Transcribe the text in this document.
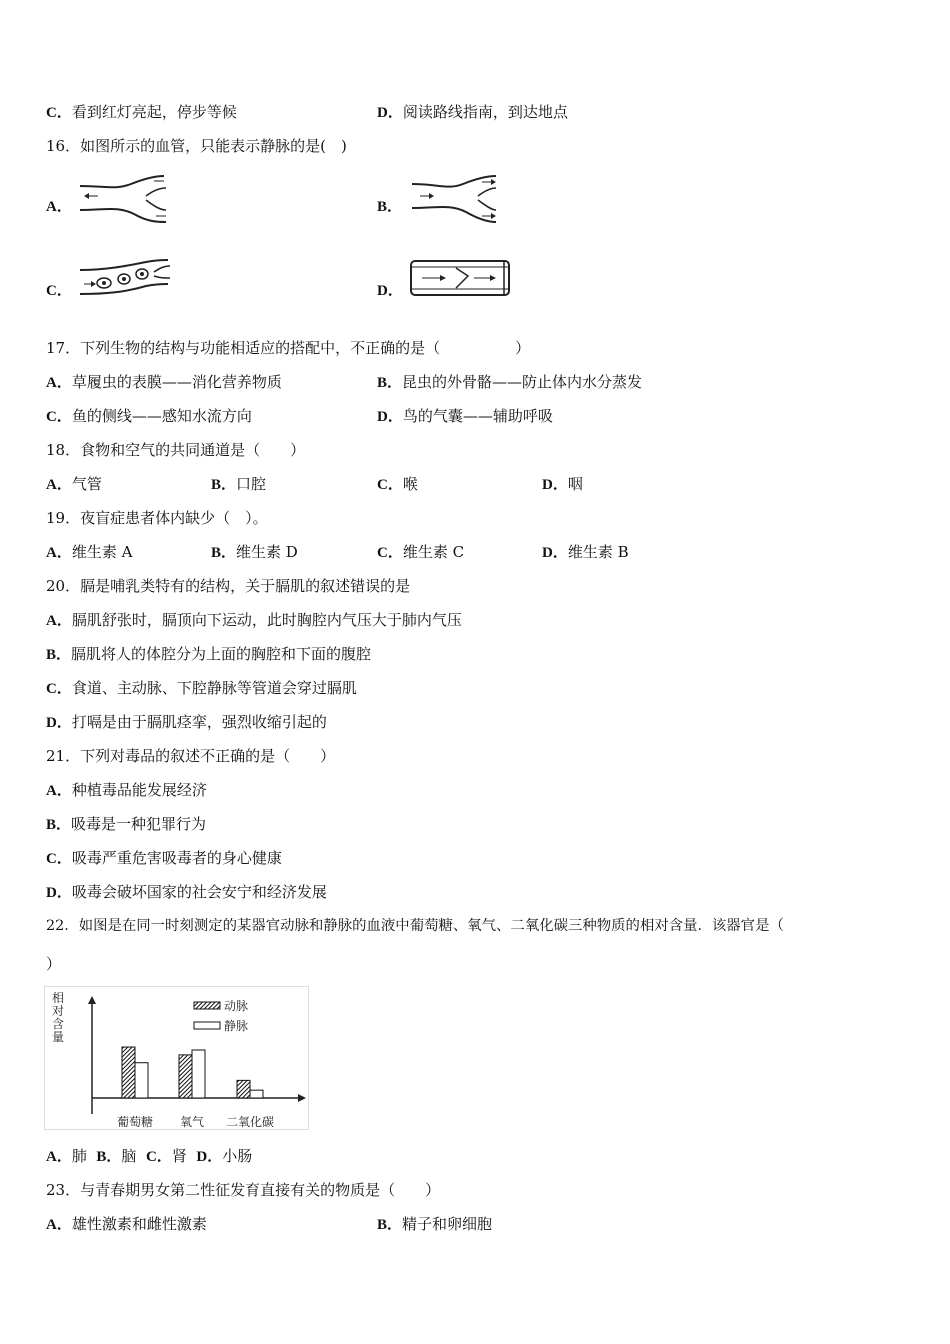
C．看到红灯亮起，停步等候	D．阅读路线指南，到达地点
16．如图所示的血管，只能表示静脉的是(　)
A．	B．
C．	D．
17．下列生物的结构与功能相适应的搭配中，不正确的是（　　　　　）
A．草履虫的表膜——消化营养物质	B．昆虫的外骨骼——防止体内水分蒸发
C．鱼的侧线——感知水流方向	D．鸟的气囊——辅助呼吸
18．食物和空气的共同通道是（　　）
A．气管	B．口腔	C．喉	D．咽
19．夜盲症患者体内缺少（　）。
A．维生素 A	B．维生素 D	C．维生素 C	D．维生素 B
20．膈是哺乳类特有的结构，关于膈肌的叙述错误的是
A．膈肌舒张时，膈顶向下运动，此时胸腔内气压大于肺内气压
B．膈肌将人的体腔分为上面的胸腔和下面的腹腔
C．食道、主动脉、下腔静脉等管道会穿过膈肌
D．打嗝是由于膈肌痉挛，强烈收缩引起的
21．下列对毒品的叙述不正确的是（　　）
A．种植毒品能发展经济
B．吸毒是一种犯罪行为
C．吸毒严重危害吸毒者的身心健康
D．吸毒会破坏国家的社会安宁和经济发展
22．如图是在同一时刻测定的某器官动脉和静脉的血液中葡萄糖、氧气、二氧化碳三种物质的相对含量．该器官是（
）
相对含量
动脉
静脉
葡萄糖 氧气 二氧化碳
A．肺 B．脑 C．肾 D．小肠
23．与青春期男女第二性征发育直接有关的物质是（　　）
A．雄性激素和雌性激素	B．精子和卵细胞
